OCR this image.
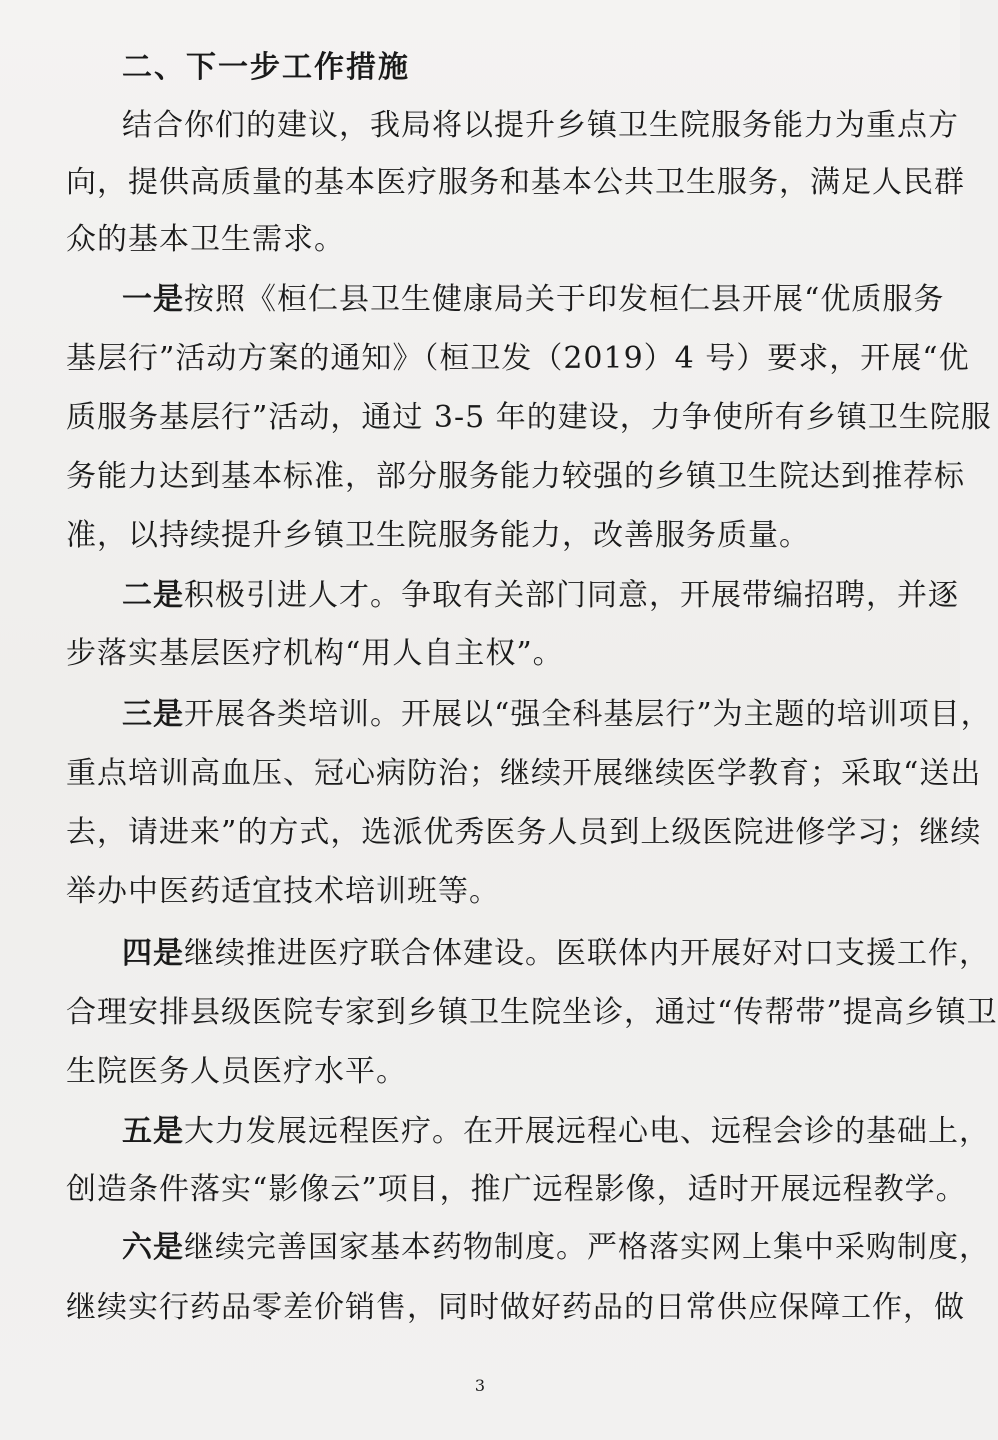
二、下一步工作措施
结合你们的建议，我局将以提升乡镇卫生院服务能力为重点方
向，提供高质量的基本医疗服务和基本公共卫生服务，满足人民群
众的基本卫生需求。
一是按照《桓仁县卫生健康局关于印发桓仁县开展“优质服务
基层行”活动方案的通知》（桓卫发（2019）4 号）要求，开展“优
质服务基层行”活动，通过 3-5 年的建设，力争使所有乡镇卫生院服
务能力达到基本标准，部分服务能力较强的乡镇卫生院达到推荐标
准，以持续提升乡镇卫生院服务能力，改善服务质量。
二是积极引进人才。争取有关部门同意，开展带编招聘，并逐
步落实基层医疗机构“用人自主权”。
三是开展各类培训。开展以“强全科基层行”为主题的培训项目，
重点培训高血压、冠心病防治；继续开展继续医学教育；采取“送出
去，请进来”的方式，选派优秀医务人员到上级医院进修学习；继续
举办中医药适宜技术培训班等。
四是继续推进医疗联合体建设。医联体内开展好对口支援工作，
合理安排县级医院专家到乡镇卫生院坐诊，通过“传帮带”提高乡镇卫
生院医务人员医疗水平。
五是大力发展远程医疗。在开展远程心电、远程会诊的基础上，
创造条件落实“影像云”项目，推广远程影像，适时开展远程教学。
六是继续完善国家基本药物制度。严格落实网上集中采购制度，
继续实行药品零差价销售，同时做好药品的日常供应保障工作，做
3
